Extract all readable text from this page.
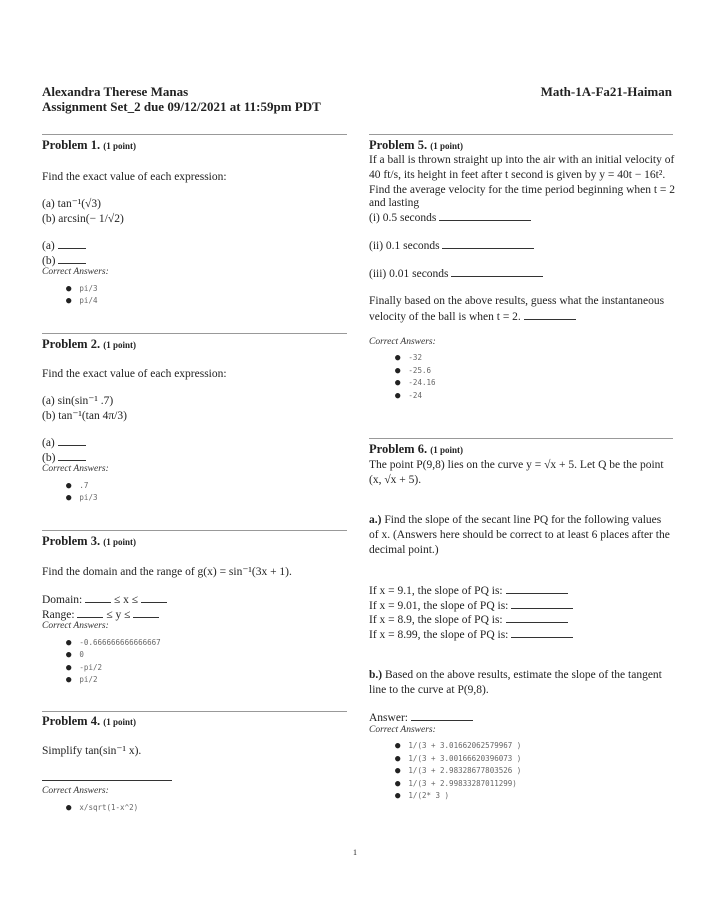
Alexandra Therese Manas
Assignment Set_2 due 09/12/2021 at 11:59pm PDT
Math-1A-Fa21-Haiman
Problem 1. (1 point)
Find the exact value of each expression:
(a) tan⁻¹(√3)
(b) arcsin(− 1/√2)
(a)
(b)
Correct Answers:
● pi/3
● pi/4
Problem 2. (1 point)
Find the exact value of each expression:
(a) sin(sin⁻¹ .7)
(b) tan⁻¹(tan 4π/3)
(a)
(b)
Correct Answers:
● .7
● pi/3
Problem 3. (1 point)
Find the domain and the range of g(x) = sin⁻¹(3x + 1).
Domain:	≤ x ≤
Range:	≤ y ≤
Correct Answers:
● -0.666666666666667
● 0
● -pi/2
● pi/2
Problem 4. (1 point)
Simplify tan(sin⁻¹ x).
Correct Answers:
● x/sqrt(1-x^2)
Problem 5. (1 point)
If a ball is thrown straight up into the air with an initial velocity of
40 ft/s, its height in feet after t second is given by y = 40t − 16t².
Find the average velocity for the time period beginning when t = 2
and lasting
(i) 0.5 seconds
(ii) 0.1 seconds
(iii) 0.01 seconds
Finally based on the above results, guess what the instantaneous
velocity of the ball is when t = 2.
Correct Answers:
● -32
● -25.6
● -24.16
● -24
Problem 6. (1 point)
The point P(9,8) lies on the curve y = √x + 5. Let Q be the point
(x, √x + 5).
a.) Find the slope of the secant line PQ for the following values
of x. (Answers here should be correct to at least 6 places after the
decimal point.)
If x = 9.1, the slope of PQ is:
If x = 9.01, the slope of PQ is:
If x = 8.9, the slope of PQ is:
If x = 8.99, the slope of PQ is:
b.) Based on the above results, estimate the slope of the tangent
line to the curve at P(9,8).
Answer:
Correct Answers:
● 1/(3 + 3.01662062579967 )
● 1/(3 + 3.00166620396073 )
● 1/(3 + 2.98328677803526 )
● 1/(3 + 2.99833287011299)
● 1/(2* 3 )
1
